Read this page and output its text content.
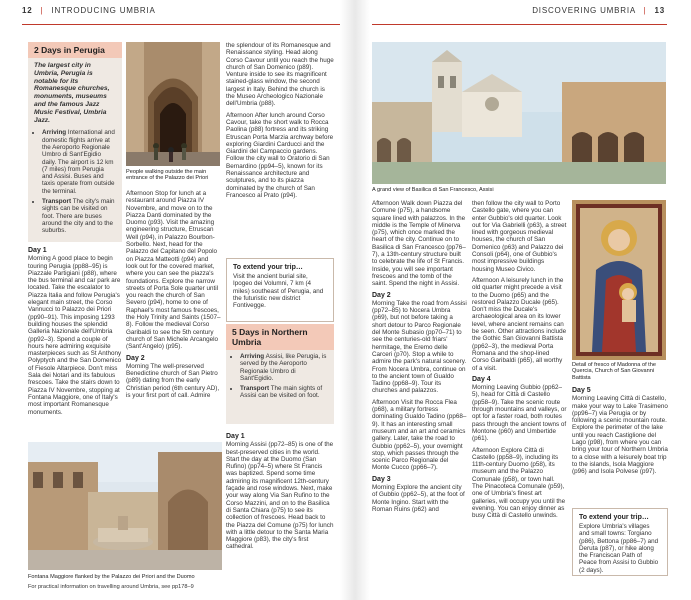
12 | INTRODUCING UMBRIA	DISCOVERING UMBRIA | 13
2 Days in Perugia
The largest city in Umbria, Perugia is notable for its Romanesque churches, monuments, museums and the famous Jazz Music Festival, Umbria Jazz.
• Arriving International and domestic flights arrive at the Aeroporto Regionale Umbro di Sant'Egidio daily. The airport is 12 km (7 miles) from Perugia and Assisi. Buses and taxis operate from outside the terminal.
• Transport The city's main sights can be visited on foot. There are buses around the city and to the suburbs.
Day 1

Morning A good place to begin touring Perugia (pp88–95) is Piazzale Partigiani (p88), where the bus terminal and car park are located. Take the escalator to Piazza Italia and follow Perugia's elegant main street, the Corso Vannucci to Palazzo dei Priori (pp90–91). This imposing 1293 building houses the splendid Galleria Nazionale dell'Umbria (pp92–3). Spend a couple of hours here admiring exquisite masterpieces such as St Anthony Polyptych and the San Domenico of Fiesole Altarpiece. Don't miss Sala dei Notari and its fabulous frescoes. Take the stairs down to Piazza IV Novembre, stopping at Fontana Maggiore, one of Italy's most important Romanesque monuments.

People walking outside the main entrance of the Palazzo dei Priori

Afternoon Stop for lunch at a restaurant around Piazza IV Novembre, and move on to the Piazza Danti dominated by the Duomo (p93). Visit the amazing engineering structure, Etruscan Well (p94), in Palazzo Bourbon-Sorbello. Next, head for the Palazzo del Capitano del Popolo on Piazza Matteotti (p94) and look out for the covered market, where you can see the piazza's foundations. Explore the narrow streets of Porta Sole quarter until you reach the church of San Severo (p94), home to one of Raphael's most famous frescoes, the Holy Trinity and Saints (1507–8). Follow the medieval Corso Garibaldi to see the 5th century church of San Michele Arcangelo (Sant'Angelo) (p95).

Day 2

Morning The well-preserved Benedictine church of San Pietro (p89) dating from the early Christian period (6th century AD), is your first port of call. Admire

the splendour of its Romanesque and Renaissance styling. Head along Corso Cavour until you reach the huge church of San Domenico (p89). Venture inside to see its magnificent stained-glass window, the second largest in Italy. Behind the church is the Museo Archeologico Nazionale dell'Umbria (p88).

Afternoon After lunch around Corso Cavour, take the short walk to Rocca Paolina (p88) fortress and its striking Etruscan Porta Marzia archway before exploring Giardini Carducci and the Giardini del Campaccio gardens. Follow the city wall to Oratorio di San Bernardino (pp94–5), known for its Renaissance architecture and sculptures, and to its piazza dominated by the church of San Francesco al Prato (p94).

To extend your trip…
Visit the ancient burial site, Ipogeo dei Volumni, 7 km (4 miles) southeast of Perugia, and the futuristic new district Fontivegge.
5 Days in Northern Umbria
• Arriving Assisi, like Perugia, is served by the Aeroporto Regionale Umbro di Sant'Egidio.
• Transport The main sights of Assisi can be visited on foot.
Day 1

Morning Assisi (pp72–85) is one of the best-preserved cities in the world. Start the day at the Duomo (San Rufino) (pp74–5) where St Francis was baptized. Spend some time admiring its magnificent 12th-century façade and rose windows. Next, make your way along Via San Rufino to the Corso Mazzini, and on to the Basilica di Santa Chiara (p75) to see its collection of frescoes. Head back to the Piazza del Comune (p75) for lunch with a little detour to the Santa Maria Maggiore (p83), the city's first cathedral.

Fontana Maggiore flanked by the Palazzo dei Priori and the Duomo
For practical information on travelling around Umbria, see pp178–9
A grand view of Basilica di San Francesco, Assisi

Afternoon Walk down Piazza del Comune (p75), a handsome square lined with palazzos. In the middle is the Temple of Minerva (p75), which once marked the heart of the city. Continue on to Basilica di San Francesco (pp76–7), a 13th-century structure built to celebrate the life of St Francis. Inside, you will see important frescoes and the tomb of the saint. Spend the night in Assisi.

Day 2

Morning Take the road from Assisi (pp72–85) to Nocera Umbra (p69), but not before taking a short detour to Parco Regionale del Monte Subasio (pp70–71) to see the centuries-old friars' hermitage, the Eremo delle Carceri (p70). Stop a while to admire the park's natural scenery. From Nocera Umbra, continue on to the ancient town of Gualdo Tadino (pp68–9). Tour its churches and palazzos.

Afternoon Visit the Rocca Flea (p68), a military fortress dominating Gualdo Tadino (pp68–9). It has an interesting small museum and an art and ceramics gallery. Later, take the road to Gubbio (pp62–5), your overnight stop, which passes through the scenic Parco Regionale del Monte Cucco (pp66–7).

Day 3

Morning Explore the ancient city of Gubbio (pp62–5), at the foot of Monte Ingino. Start with the Roman Ruins (p62) and

then follow the city wall to Porto Castello gate, where you can enter Gubbio's old quarter. Look out for Via Gabrielli (p63), a street lined with gorgeous medieval houses, the church of San Domenico (p63) and Palazzo dei Consoli (p64), one of Gubbio's most impressive buildings housing Museo Civico.

Afternoon A leisurely lunch in the old quarter might precede a visit to the Duomo (p65) and the restored Palazzo Ducale (p65). Don't miss the Ducale's archaeological area on its lower level, where ancient remains can be seen. Other attractions include the Gothic San Giovanni Battista (pp62–3), the medieval Porta Romana and the shop-lined Corso Garibaldi (p65), all worthy of a visit.

Day 4

Morning Leaving Gubbio (pp62–5), head for Città di Castello (pp58–9). Take the scenic route through mountains and valleys, or opt for a faster road, both routes pass through the ancient towns of Montone (p60) and Umbertide (p61).

Afternoon Explore Città di Castello (pp58–9), including its 11th-century Duomo (p58), its museum and the Palazzo Comunale (p58), or town hall. The Pinacoteca Comunale (p59), one of Umbria's finest art galleries, will occupy you until the evening. You can enjoy dinner as busy Città di Castello unwinds.

Detail of fresco of Madonna of the Quercia, Church of San Giovanni Battista
Day 5

Morning Leaving Città di Castello, make your way to Lake Trasimeno (pp96–7) via Perugia or by following a scenic mountain route. Explore the perimeter of the lake until you reach Castiglione del Lago (p98), from where you can bring your tour of Northern Umbria to a close with a leisurely boat trip to the islands, Isola Maggiore (p96) and Isola Polvese (p97).

To extend your trip…
Explore Umbria's villages and small towns: Torgiano (p86), Bettona (pp86–7) and Deruta (p87), or hike along the Franciscan Path of Peace from Assisi to Gubbio (2 days).
